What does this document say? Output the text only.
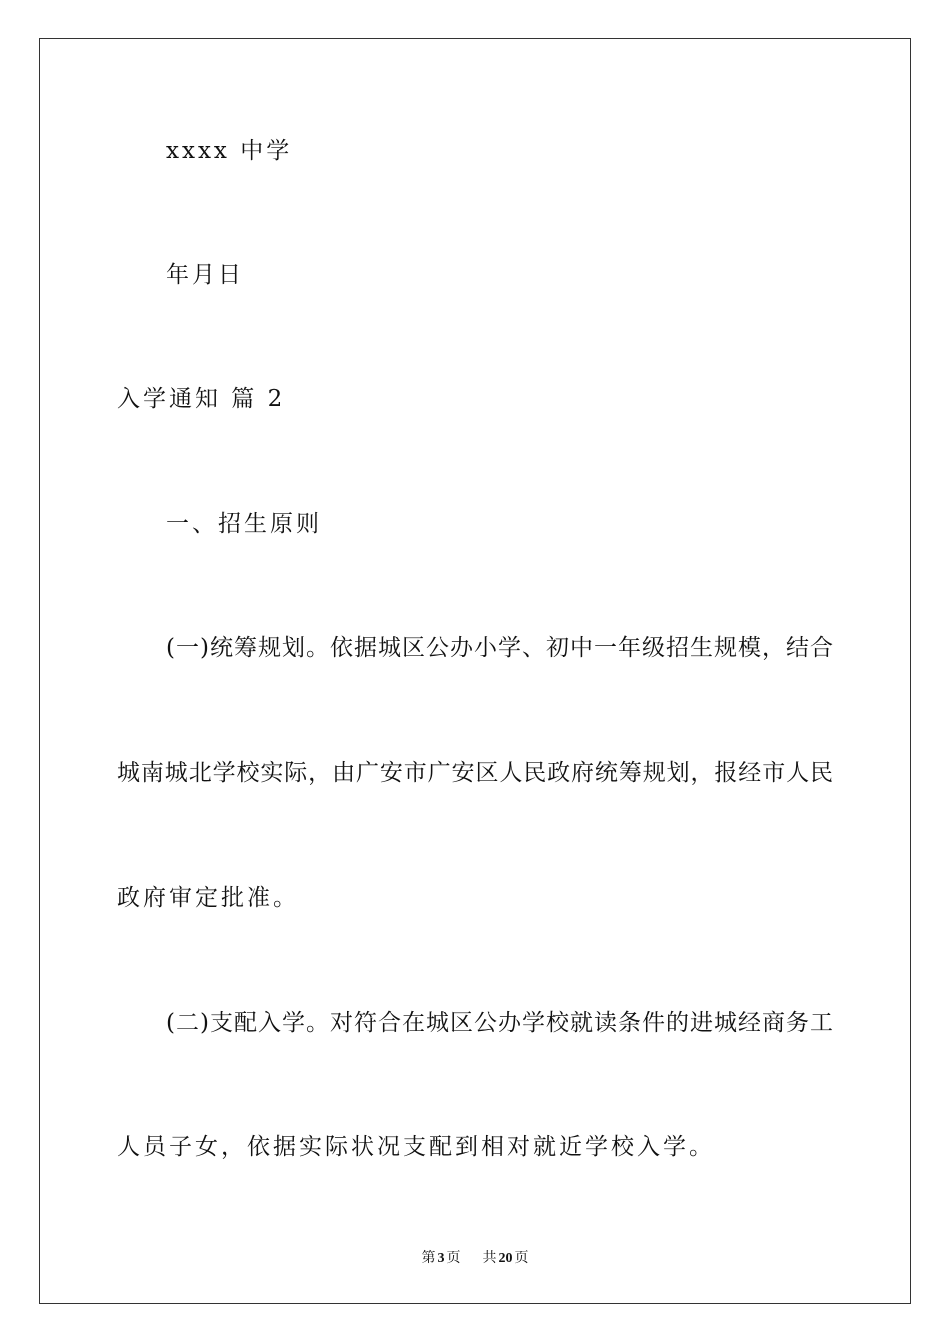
xxxx 中学
年月日
入学通知 篇 2
一、招生原则
(一)统筹规划。依据城区公办小学、初中一年级招生规模，结合
城南城北学校实际，由广安市广安区人民政府统筹规划，报经市人民
政府审定批准。
(二)支配入学。对符合在城区公办学校就读条件的进城经商务工
人员子女，依据实际状况支配到相对就近学校入学。
第 3 页 共 20 页
